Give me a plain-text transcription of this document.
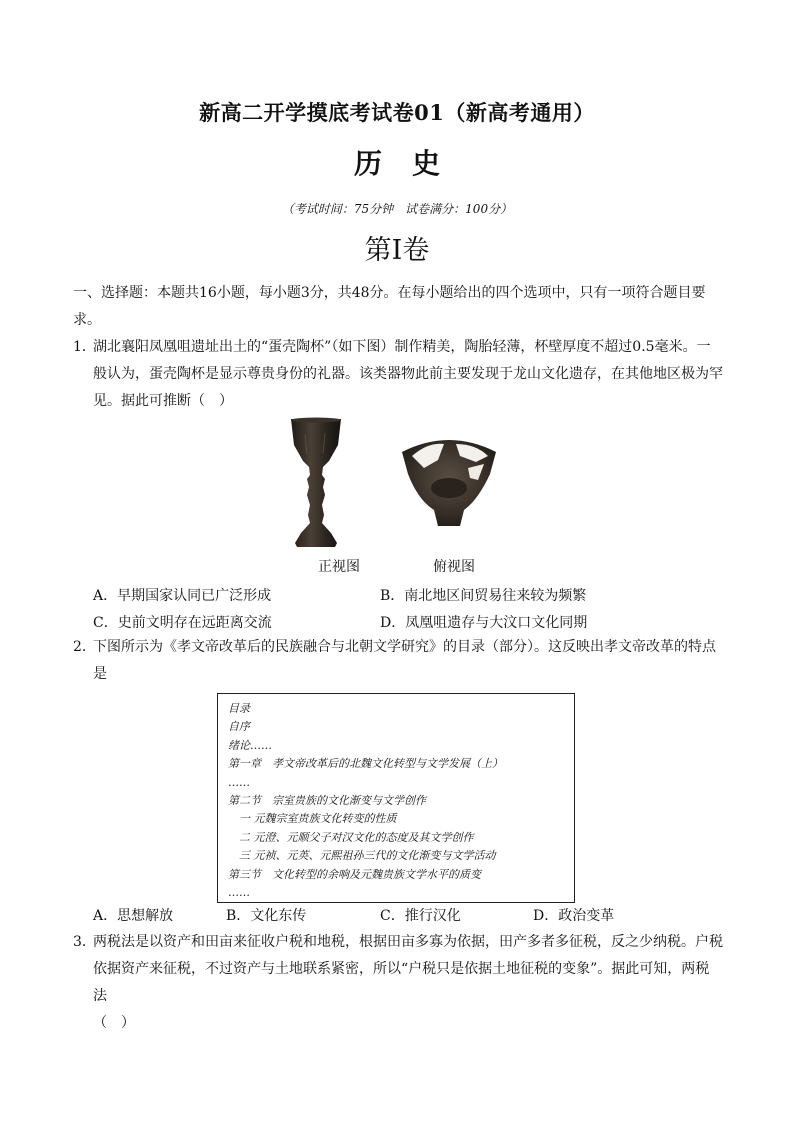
新高二开学摸底考试卷01（新高考通用）
历史
（考试时间：75分钟　试卷满分：100分）
第Ⅰ卷
一、选择题：本题共16小题，每小题3分，共48分。在每小题给出的四个选项中，只有一项符合题目要
求。
1．
湖北襄阳凤凰咀遗址出土的“蛋壳陶杯”（如下图）制作精美，陶胎轻薄，杯壁厚度不超过0.5毫米。一
般认为，蛋壳陶杯是显示尊贵身份的礼器。该类器物此前主要发现于龙山文化遗存，在其他地区极为罕
见。据此可推断（　）
正视图	俯视图
A．早期国家认同已广泛形成	B．南北地区间贸易往来较为频繁
C．史前文明存在远距离交流	D．凤凰咀遗存与大汶口文化同期
2．
下图所示为《孝文帝改革后的民族融合与北朝文学研究》的目录（部分）。这反映出孝文帝改革的特点
是
目录
自序
绪论……
第一章　孝文帝改革后的北魏文化转型与文学发展（上）
……
第二节　宗室贵族的文化渐变与文学创作
　一 元魏宗室贵族文化转变的性质
　二 元澄、元顺父子对汉文化的态度及其文学创作
　三 元祯、元英、元熙祖孙三代的文化渐变与文学活动
第三节　文化转型的余响及元魏贵族文学水平的质变
……
A．思想解放	B．文化东传	C．推行汉化	D．政治变革
3．
两税法是以资产和田亩来征收户税和地税，根据田亩多寡为依据，田产多者多征税，反之少纳税。户税
依据资产来征税，不过资产与土地联系紧密，所以“户税只是依据土地征税的变象”。据此可知，两税法
（　）
